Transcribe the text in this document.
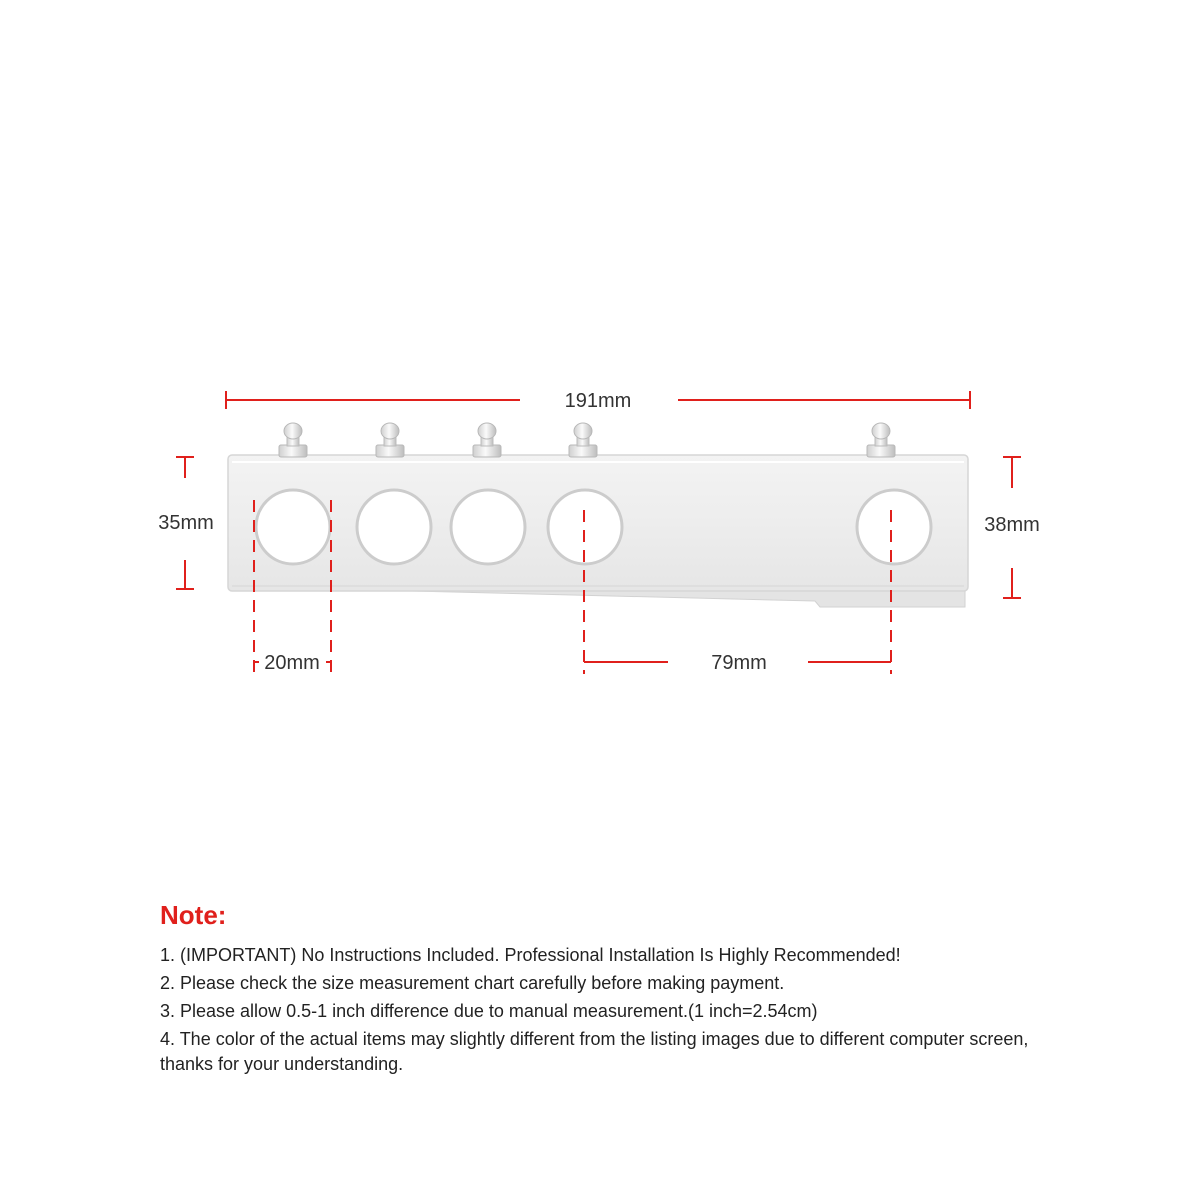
191mm
35mm	38mm
20mm	79mm
Note:
1. (IMPORTANT) No Instructions Included. Professional Installation Is Highly Recommended!
2. Please check the size measurement chart carefully before making payment.
3. Please allow 0.5-1 inch difference due to manual measurement.(1 inch=2.54cm)
4. The color of the actual items may slightly different from the listing images due to different computer screen, thanks for your understanding.
